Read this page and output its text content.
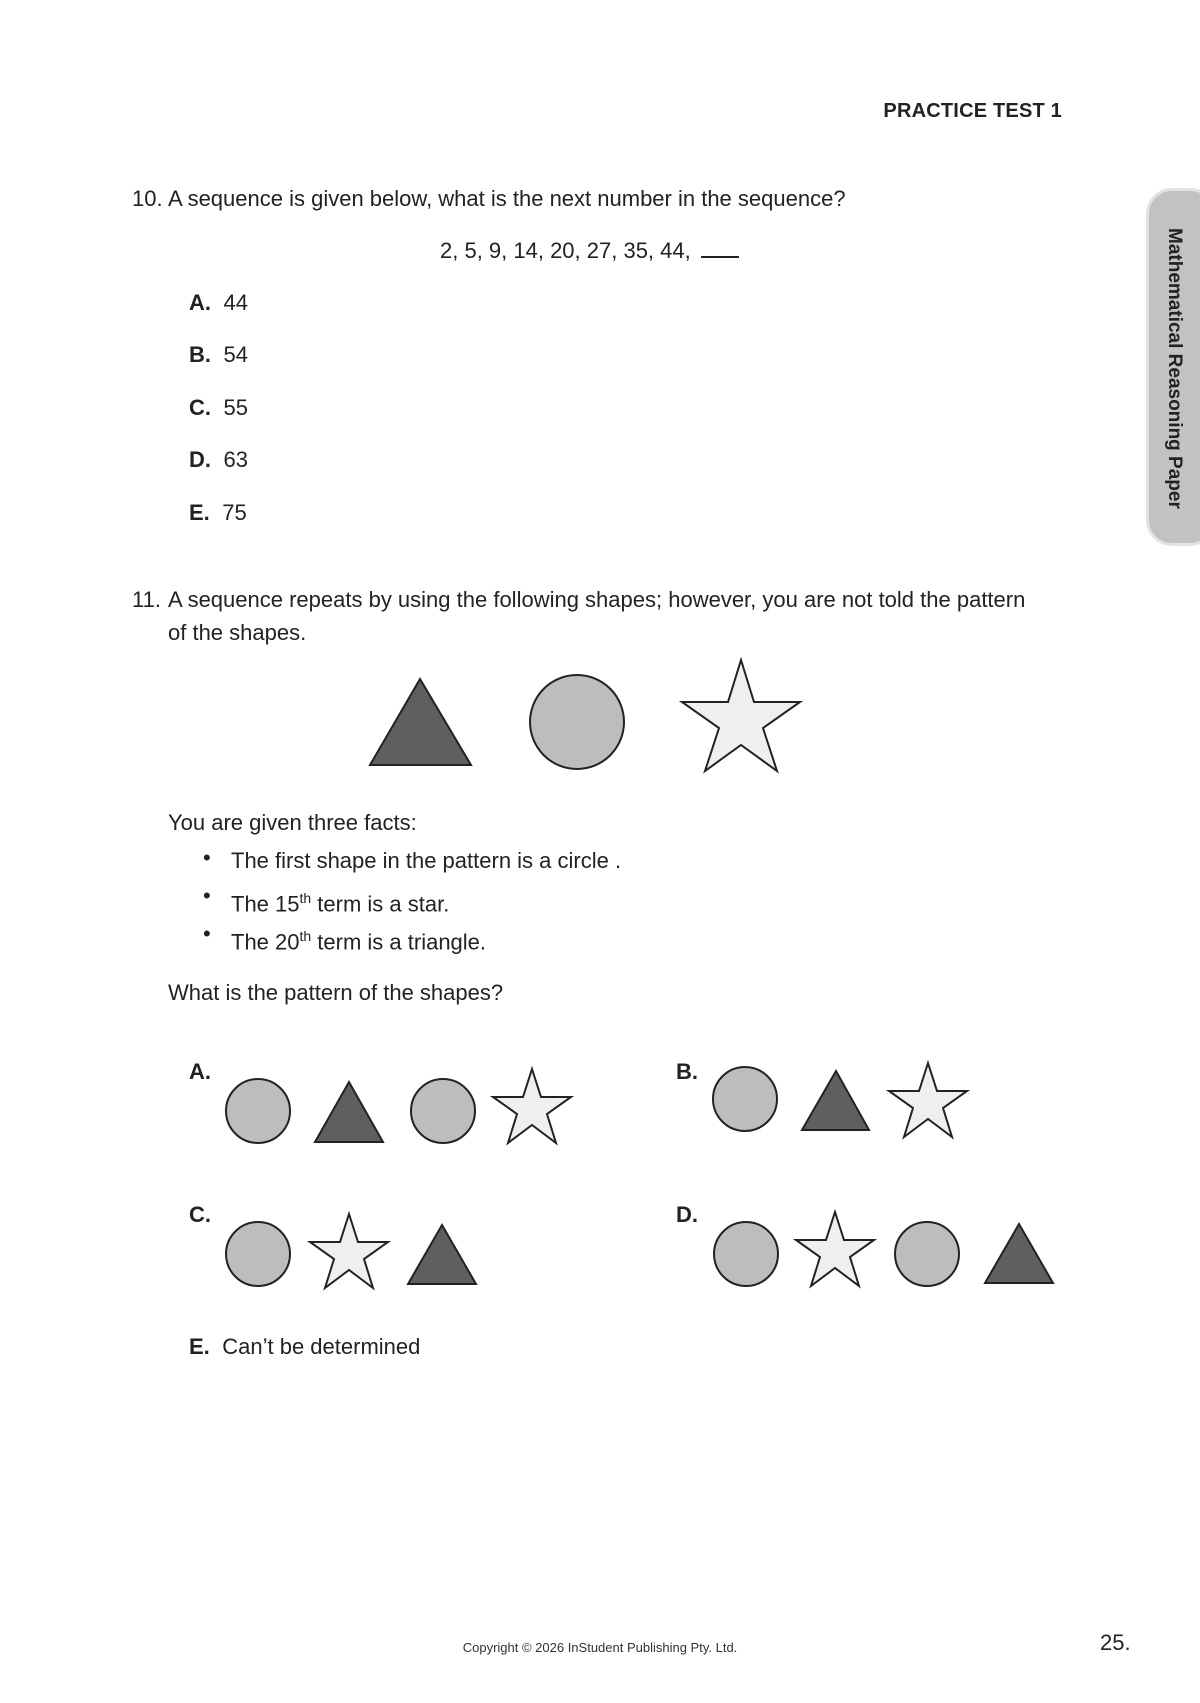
PRACTICE TEST 1
Mathematical Reasoning Paper
10. A sequence is given below, what is the next number in the sequence?
2, 5, 9, 14, 20, 27, 35, 44,
A. 44
B. 54
C. 55
D. 63
E. 75
11. A sequence repeats by using the following shapes; however, you are not told the pattern
of the shapes.
You are given three facts:
• The first shape in the pattern is a circle .
• The 15th term is a star.
• The 20th term is a triangle.
What is the pattern of the shapes?
A.	B.
C.	D.
E. Can’t be determined
Copyright © 2026 InStudent Publishing Pty. Ltd.	25.
